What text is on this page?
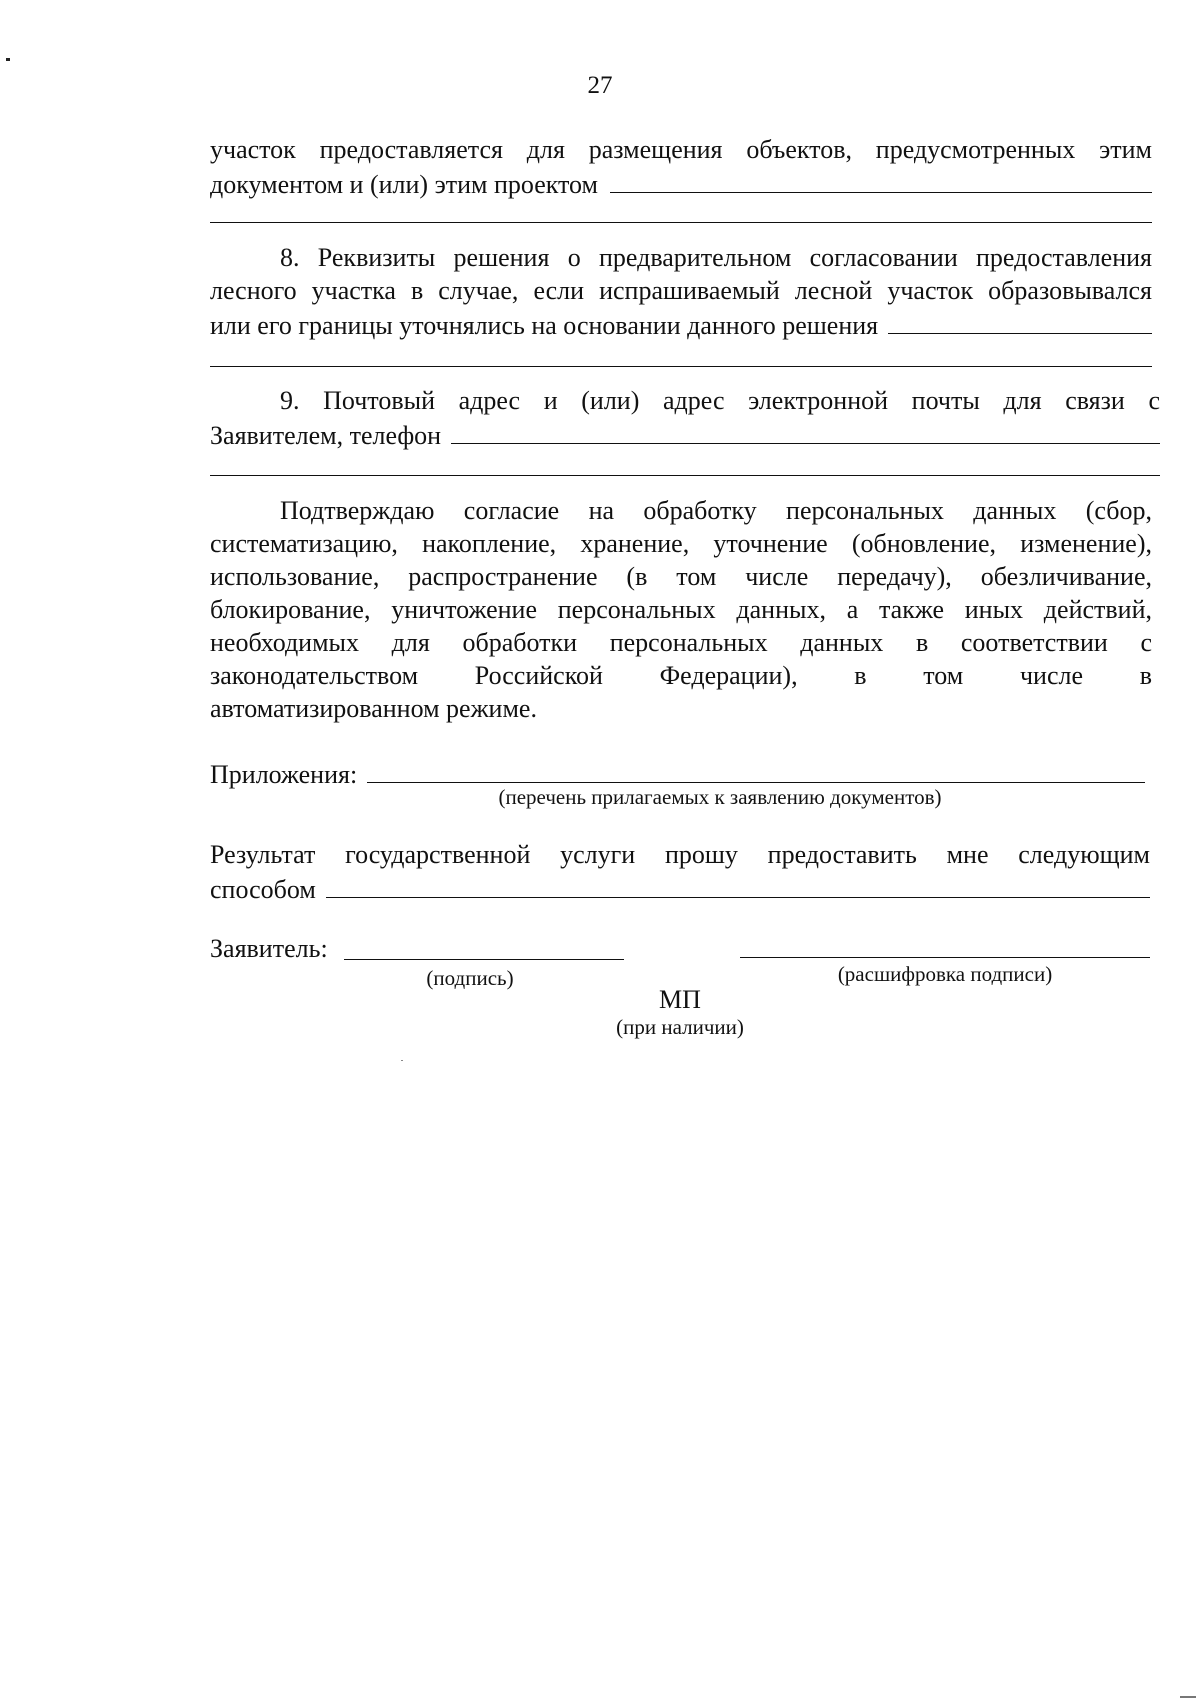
27
участок предоставляется для размещения объектов, предусмотренных этим
документом и (или) этим проектом
8. Реквизиты решения о предварительном согласовании предоставления
лесного участка в случае, если испрашиваемый лесной участок образовывался
или его границы уточнялись на основании данного решения
9. Почтовый адрес и (или) адрес электронной почты для связи с
Заявителем, телефон
Подтверждаю согласие на обработку персональных данных (сбор,
систематизацию, накопление, хранение, уточнение (обновление, изменение),
использование, распространение (в том числе передачу), обезличивание,
блокирование, уничтожение персональных данных, а также иных действий,
необходимых для обработки персональных данных в соответствии с
законодательством Российской Федерации), в том числе в
автоматизированном режиме.
Приложения:
(перечень прилагаемых к заявлению документов)
Результат государственной услуги прошу предоставить мне следующим
способом
Заявитель:
(подпись)	(расшифровка подписи)
МП
(при наличии)
